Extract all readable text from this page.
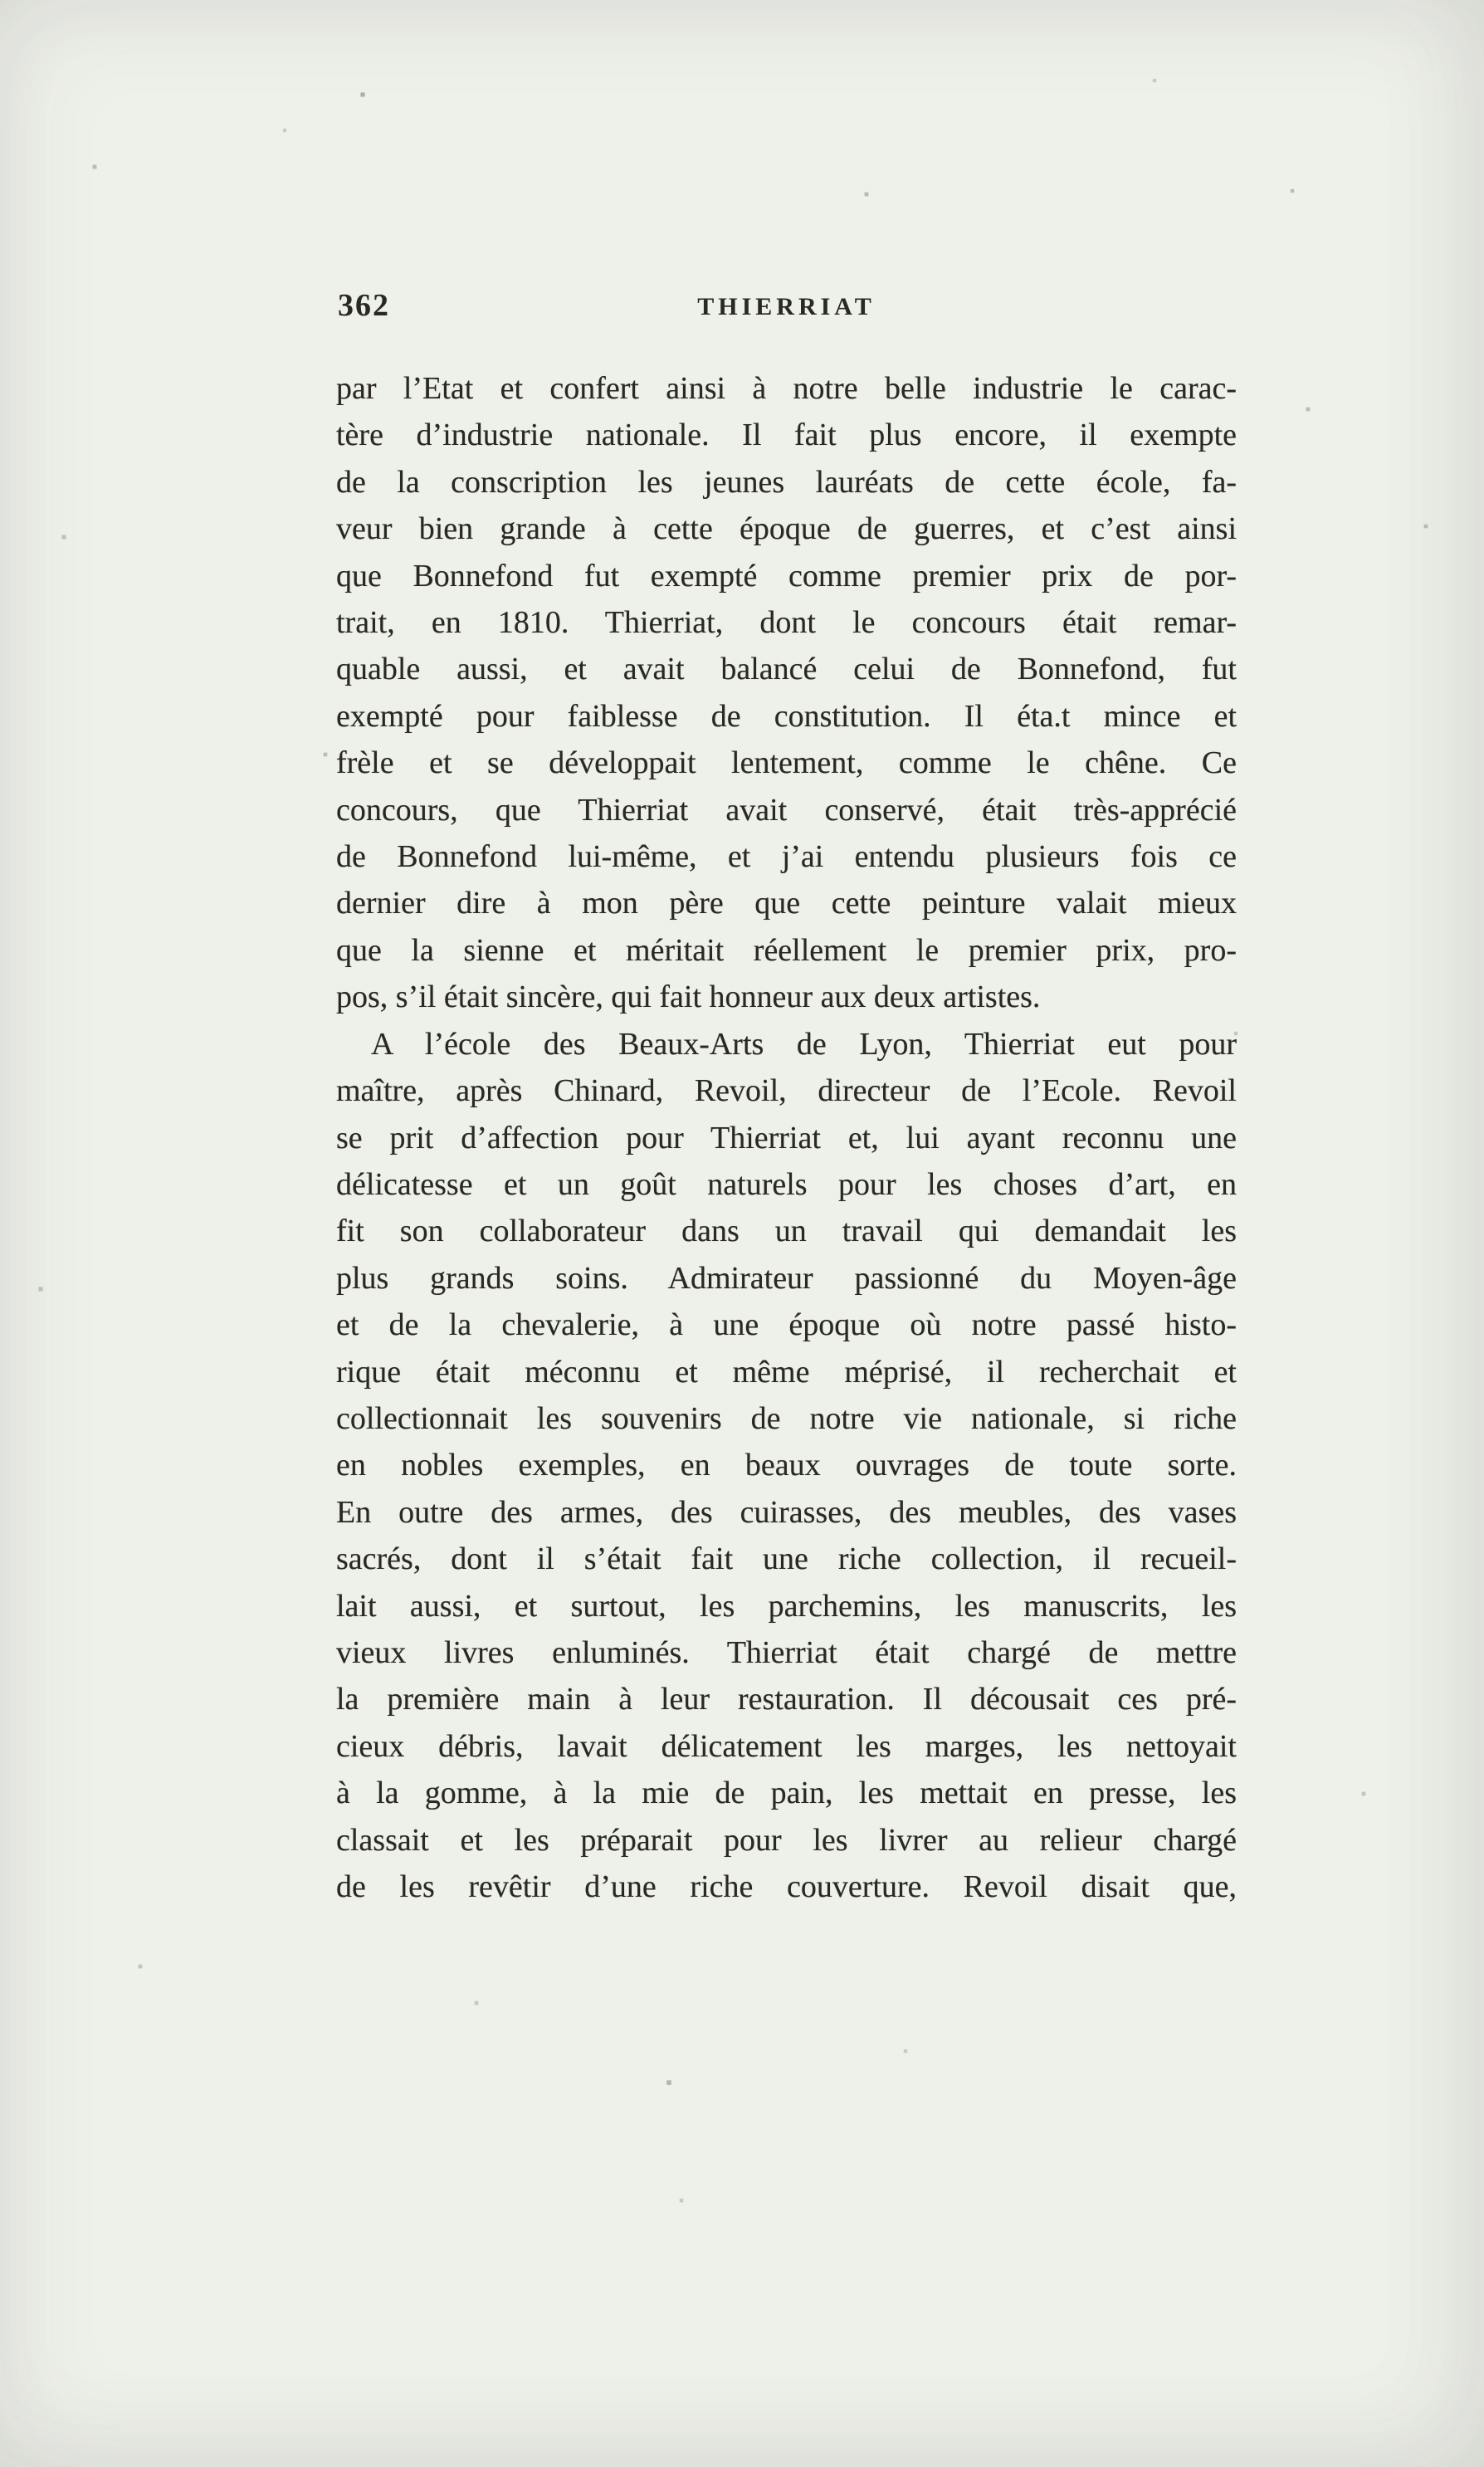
362	THIERRIAT
par l’Etat et confert ainsi à notre belle industrie le carac-
tère d’industrie nationale. Il fait plus encore, il exempte
de la conscription les jeunes lauréats de cette école, fa-
veur bien grande à cette époque de guerres, et c’est ainsi
que Bonnefond fut exempté comme premier prix de por-
trait, en 1810. Thierriat, dont le concours était remar-
quable aussi, et avait balancé celui de Bonnefond, fut
exempté pour faiblesse de constitution. Il éta.t mince et
frèle et se développait lentement, comme le chêne. Ce
concours, que Thierriat avait conservé, était très-apprécié
de Bonnefond lui-même, et j’ai entendu plusieurs fois ce
dernier dire à mon père que cette peinture valait mieux
que la sienne et méritait réellement le premier prix, pro-
pos, s’il était sincère, qui fait honneur aux deux artistes.
A l’école des Beaux-Arts de Lyon, Thierriat eut pour
maître, après Chinard, Revoil, directeur de l’Ecole. Revoil
se prit d’affection pour Thierriat et, lui ayant reconnu une
délicatesse et un goût naturels pour les choses d’art, en
fit son collaborateur dans un travail qui demandait les
plus grands soins. Admirateur passionné du Moyen-âge
et de la chevalerie, à une époque où notre passé histo-
rique était méconnu et même méprisé, il recherchait et
collectionnait les souvenirs de notre vie nationale, si riche
en nobles exemples, en beaux ouvrages de toute sorte.
En outre des armes, des cuirasses, des meubles, des vases
sacrés, dont il s’était fait une riche collection, il recueil-
lait aussi, et surtout, les parchemins, les manuscrits, les
vieux livres enluminés. Thierriat était chargé de mettre
la première main à leur restauration. Il décousait ces pré-
cieux débris, lavait délicatement les marges, les nettoyait
à la gomme, à la mie de pain, les mettait en presse, les
classait et les préparait pour les livrer au relieur chargé
de les revêtir d’une riche couverture. Revoil disait que,
